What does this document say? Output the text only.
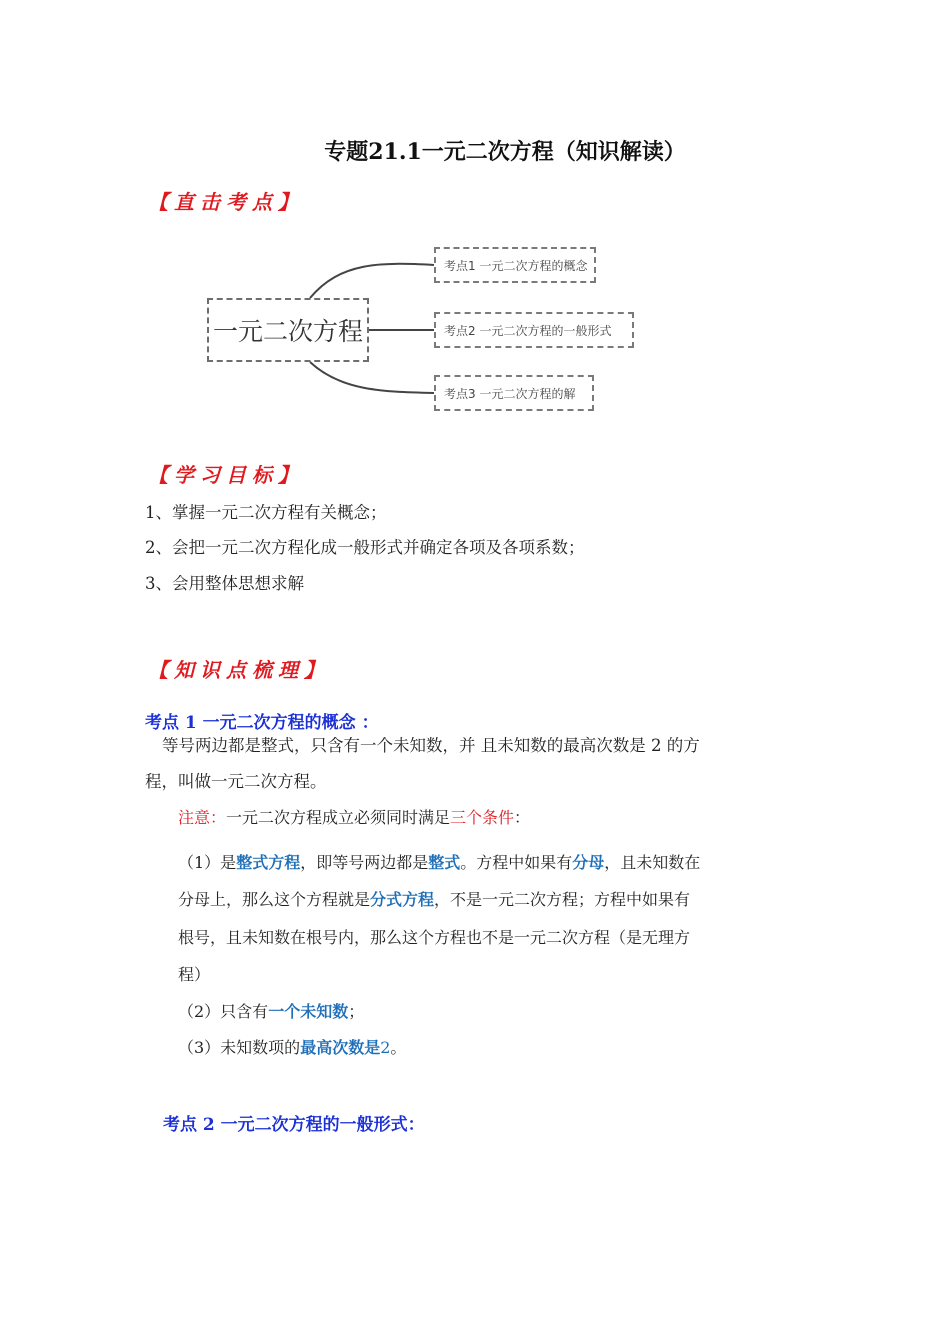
专题21.1一元二次方程（知识解读）
【直击考点】
一元二次方程
考点1 一元二次方程的概念
考点2 一元二次方程的一般形式
考点3 一元二次方程的解
【学习目标】
1、掌握一元二次方程有关概念；
2、会把一元二次方程化成一般形式并确定各项及各项系数；
3、会用整体思想求解
【知识点梳理】
考点 1 一元二次方程的概念 ：
等号两边都是整式，只含有一个未知数，并 且未知数的最高次数是 2 的方
程，叫做一元二次方程。
注意：一元二次方程成立必须同时满足三个条件：
（1）是整式方程，即等号两边都是整式。方程中如果有分母，且未知数在
分母上，那么这个方程就是分式方程，不是一元二次方程；方程中如果有
根号，且未知数在根号内，那么这个方程也不是一元二次方程（是无理方
程）
（2）只含有一个未知数；
（3）未知数项的最高次数是2。
考点 2 一元二次方程的一般形式：
